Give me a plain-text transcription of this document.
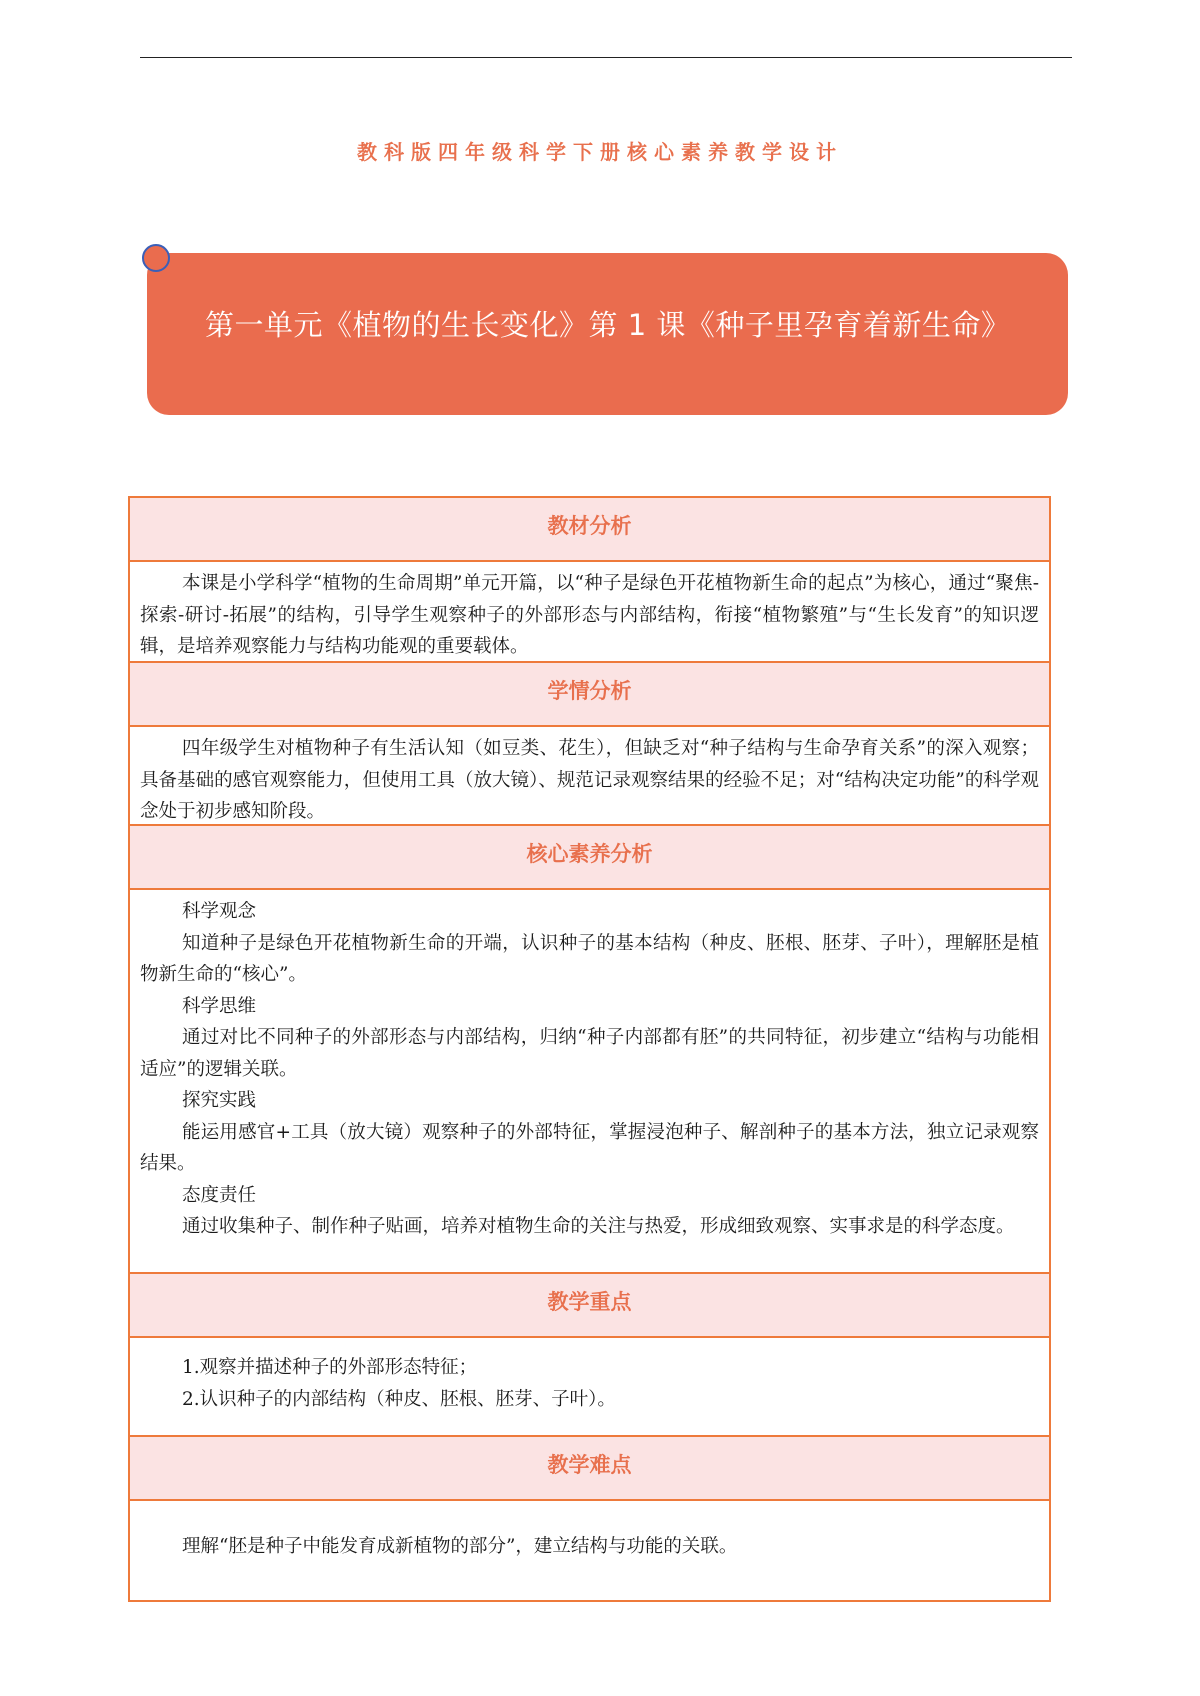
教科版四年级科学下册核心素养教学设计
第一单元《植物的生长变化》第 1 课《种子里孕育着新生命》
教材分析

本课是小学科学“植物的生命周期”单元开篇，以“种子是绿色开花植物新生命的起点”为核心，通过“聚焦-探索-研讨-拓展”的结构，引导学生观察种子的外部形态与内部结构，衔接“植物繁殖”与“生长发育”的知识逻辑，是培养观察能力与结构功能观的重要载体。

学情分析

四年级学生对植物种子有生活认知（如豆类、花生），但缺乏对“种子结构与生命孕育关系”的深入观察；具备基础的感官观察能力，但使用工具（放大镜）、规范记录观察结果的经验不足；对“结构决定功能”的科学观念处于初步感知阶段。

核心素养分析

科学观念

知道种子是绿色开花植物新生命的开端，认识种子的基本结构（种皮、胚根、胚芽、子叶），理解胚是植物新生命的“核心”。

科学思维

通过对比不同种子的外部形态与内部结构，归纳“种子内部都有胚”的共同特征，初步建立“结构与功能相适应”的逻辑关联。

探究实践

能运用感官+工具（放大镜）观察种子的外部特征，掌握浸泡种子、解剖种子的基本方法，独立记录观察结果。

态度责任

通过收集种子、制作种子贴画，培养对植物生命的关注与热爱，形成细致观察、实事求是的科学态度。

教学重点

1.观察并描述种子的外部形态特征；

2.认识种子的内部结构（种皮、胚根、胚芽、子叶）。

教学难点

理解“胚是种子中能发育成新植物的部分”，建立结构与功能的关联。
